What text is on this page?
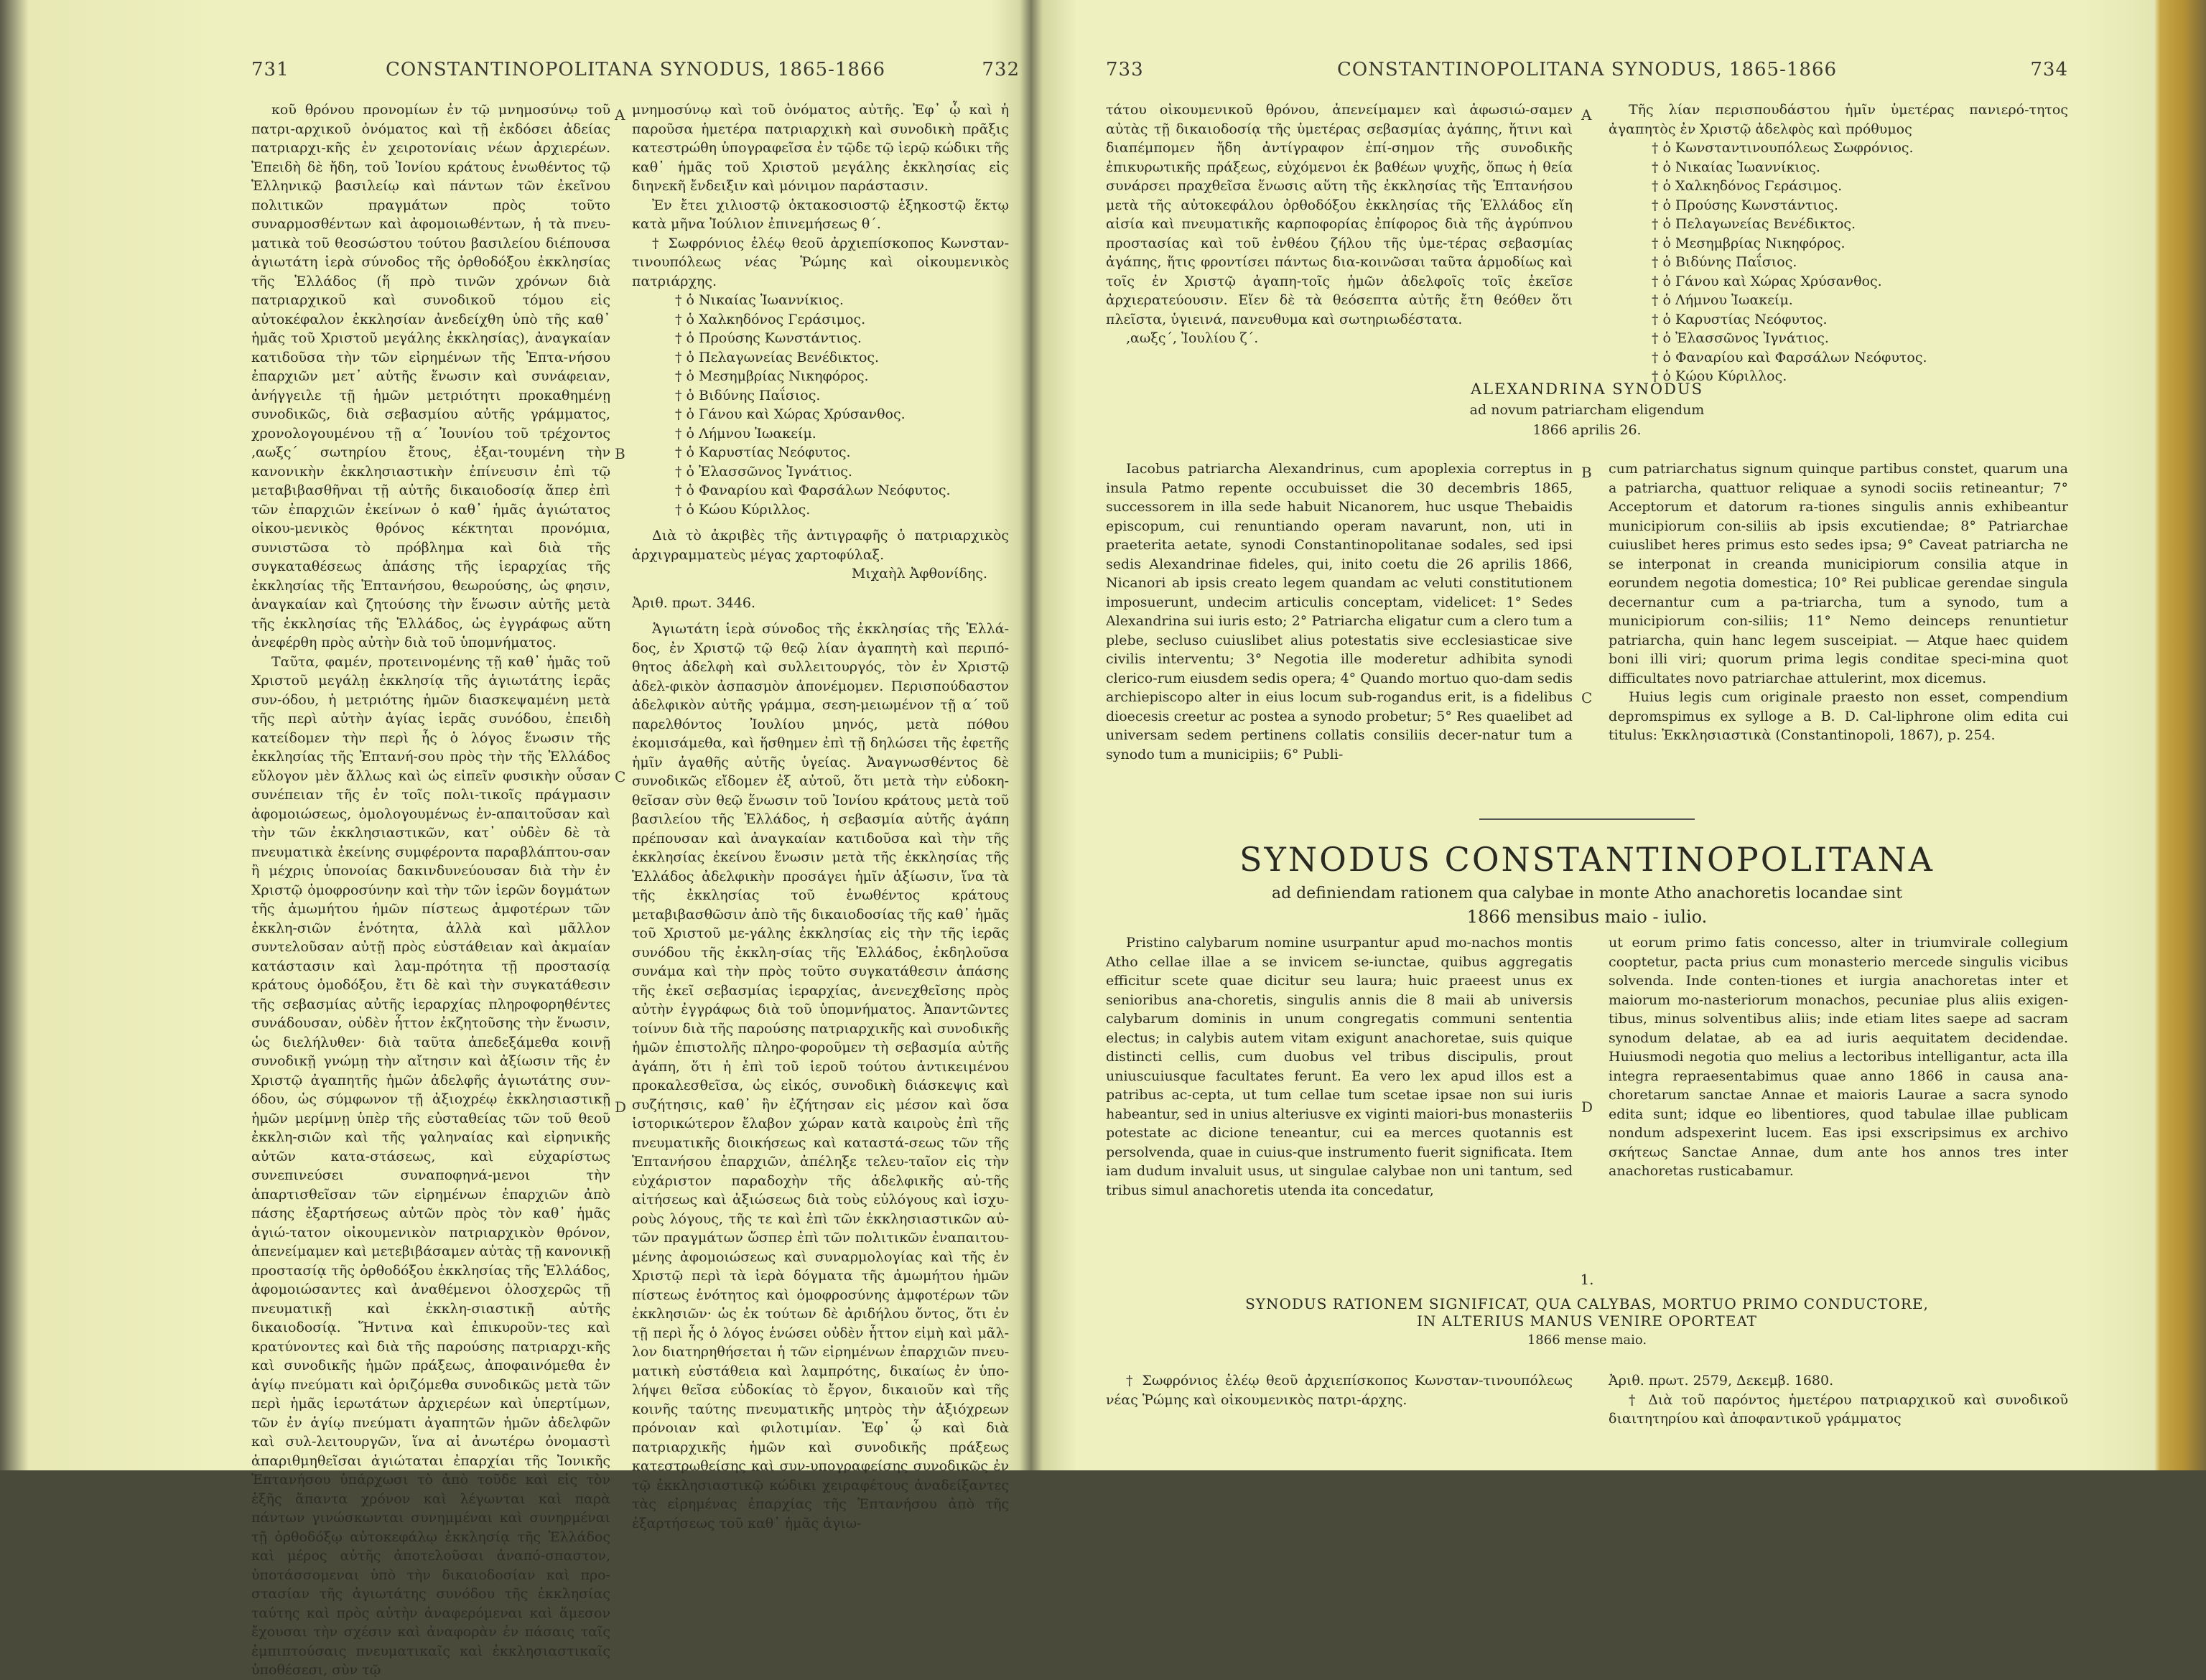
731	CONSTANTINOPOLITANA SYNODUS, 1865-1866	732

κοῦ θρόνου προνομίων ἐν τῷ μνημοσύνῳ τοῦ πατρι-αρχικοῦ ὀνόματος καὶ τῇ ἐκδόσει ἀδείας πατριαρχι-κῆς ἐν χειροτονίαις νέων ἀρχιερέων. Ἐπειδὴ δὲ ἤδη, τοῦ Ἰονίου κράτους ἑνωθέντος τῷ Ἑλληνικῷ βασιλείῳ καὶ πάντων τῶν ἐκεῖνου πολιτικῶν πραγμάτων πρὸς τοῦτο συναρμοσθέντων καὶ ἀφομοιωθέντων, ἡ τὰ πνευ-ματικὰ τοῦ θεοσώστου τούτου βασιλείου διέπουσα ἁγιωτάτη ἱερὰ σύνοδος τῆς ὀρθοδόξου ἐκκλησίας τῆς Ἑλλάδος (ἥ πρὸ τινῶν χρόνων διὰ πατριαρχικοῦ καὶ συνοδικοῦ τόμου εἰς αὐτοκέφαλον ἐκκλησίαν ἀνεδείχθη ὑπὸ τῆς καθ᾽ ἡμᾶς τοῦ Χριστοῦ μεγάλης ἐκκλησίας), ἀναγκαίαν κατιδοῦσα τὴν τῶν εἰρημένων τῆς Ἑπτα-νήσου ἐπαρχιῶν μετ᾽ αὐτῆς ἕνωσιν καὶ συνάφειαν, ἀνήγγειλε τῇ ἡμῶν μετριότητι προκαθημένῃ συνοδικῶς, διὰ σεβασμίου αὐτῆς γράμματος, χρονολογουμένου τῇ α΄ Ἰουνίου τοῦ τρέχοντος ‚αωξς΄ σωτηρίου ἔτους, ἐξαι-τουμένη τὴν κανονικὴν ἐκκλησιαστικὴν ἐπίνευσιν ἐπὶ τῷ μεταβιβασθῆναι τῇ αὐτῆς δικαιοδοσίᾳ ἅπερ ἐπὶ τῶν ἐπαρχιῶν ἐκείνων ὁ καθ᾽ ἡμᾶς ἁγιώτατος οἰκου-μενικὸς θρόνος κέκτηται προνόμια, συνιστῶσα τὸ πρόβλημα καὶ διὰ τῆς συγκαταθέσεως ἁπάσης τῆς ἱεραρχίας τῆς ἐκκλησίας τῆς Ἑπτανήσου, θεωρούσης, ὡς φησιν, ἀναγκαίαν καὶ ζητούσης τὴν ἕνωσιν αὐτῆς μετὰ τῆς ἐκκλησίας τῆς Ἑλλάδος, ὡς ἐγγράφως αὕτη ἀνεφέρθη πρὸς αὐτὴν διὰ τοῦ ὑπομνήματος.

Ταῦτα, φαμέν, προτεινομένης τῇ καθ᾽ ἡμᾶς τοῦ Χριστοῦ μεγάλῃ ἐκκλησίᾳ τῆς ἁγιωτάτης ἱερᾶς συν-όδου, ἡ μετριότης ἡμῶν διασκεψαμένη μετὰ τῆς περὶ αὐτὴν ἁγίας ἱερᾶς συνόδου, ἐπειδὴ κατείδομεν τὴν περὶ ἧς ὁ λόγος ἕνωσιν τῆς ἐκκλησίας τῆς Ἑπτανή-σου πρὸς τὴν τῆς Ἑλλάδος εὔλογον μὲν ἄλλως καὶ ὡς εἰπεῖν φυσικὴν οὖσαν συνέπειαν τῆς ἐν τοῖς πολι-τικοῖς πράγμασιν ἀφομοιώσεως, ὁμολογουμένως ἐν-απαιτοῦσαν καὶ τὴν τῶν ἐκκλησιαστικῶν, κατ᾽ οὐδὲν δὲ τὰ πνευματικὰ ἐκείνης συμφέροντα παραβλάπτου-σαν ἢ μέχρις ὑπονοίας δακινδυνεύουσαν διὰ τὴν ἐν Χριστῷ ὁμοφροσύνην καὶ τὴν τῶν ἱερῶν δογμάτων τῆς ἀμωμήτου ἡμῶν πίστεως ἀμφοτέρων τῶν ἐκκλη-σιῶν ἑνότητα, ἀλλὰ καὶ μᾶλλον συντελοῦσαν αὐτῇ πρὸς εὐστάθειαν καὶ ἀκμαίαν κατάστασιν καὶ λαμ-πρότητα τῇ προστασίᾳ κράτους ὁμοδόξου, ἔτι δὲ καὶ τὴν συγκατάθεσιν τῆς σεβασμίας αὐτῆς ἱεραρχίας πληροφορηθέντες συνάδουσαν, οὐδὲν ἧττον ἐκζητοῦσης τὴν ἕνωσιν, ὡς διελήλυθεν· διὰ ταῦτα ἀπεδεξάμεθα κοινῇ συνοδικῇ γνώμῃ τὴν αἴτησιν καὶ ἀξίωσιν τῆς ἐν Χριστῷ ἀγαπητῆς ἡμῶν ἀδελφῆς ἁγιωτάτης συν-όδου, ὡς σύμφωνον τῇ ἀξιοχρέῳ ἐκκλησιαστικῇ ἡμῶν μερίμνῃ ὑπὲρ τῆς εὐσταθείας τῶν τοῦ θεοῦ ἐκκλη-σιῶν καὶ τῆς γαληναίας καὶ εἰρηνικῆς αὐτῶν κατα-στάσεως, καὶ εὐχαρίστως συνεπινεύσει συναποφηνά-μενοι τὴν ἀπαρτισθεῖσαν τῶν εἰρημένων ἐπαρχιῶν ἀπὸ πάσης ἐξαρτήσεως αὐτῶν πρὸς τὸν καθ᾽ ἡμᾶς ἁγιώ-τατον οἰκουμενικὸν πατριαρχικὸν θρόνον, ἀπενείμαμεν καὶ μετεβιβάσαμεν αὐτὰς τῇ κανονικῇ προστασίᾳ τῆς ὀρθοδόξου ἐκκλησίας τῆς Ἑλλάδος, ἀφομοιώσαντες καὶ ἀναθέμενοι ὁλοσχερῶς τῇ πνευματικῇ καὶ ἐκκλη-σιαστικῇ αὐτῆς δικαιοδοσίᾳ. Ἥντινα καὶ ἐπικυροῦν-τες καὶ κρατύνοντες καὶ διὰ τῆς παρούσης πατριαρχι-κῆς καὶ συνοδικῆς ἡμῶν πράξεως, ἀποφαινόμεθα ἐν ἁγίῳ πνεύματι καὶ ὁριζόμεθα συνοδικῶς μετὰ τῶν περὶ ἡμᾶς ἱερωτάτων ἀρχιερέων καὶ ὑπερτίμων, τῶν ἐν ἁγίῳ πνεύματι ἀγαπητῶν ἡμῶν ἀδελφῶν καὶ συλ-λειτουργῶν, ἵνα αἱ ἀνωτέρω ὀνομαστὶ ἀπαριθμηθεῖσαι ἁγιώταται ἐπαρχίαι τῆς Ἰονικῆς Ἑπτανήσου ὑπάρχωσι τὸ ἀπὸ τοῦδε καὶ εἰς τὸν ἑξῆς ἅπαντα χρόνον καὶ λέγωνται καὶ παρὰ πάντων γινώσκωνται συνημμέναι καὶ συνηρμέναι τῇ ὀρθοδόξῳ αὐτοκεφάλῳ ἐκκλησίᾳ τῆς Ἑλλάδος καὶ μέρος αὐτῆς ἀποτελοῦσαι ἀναπό-σπαστον, ὑποτάσσομεναι ὑπὸ τὴν δικαιοδοσίαν καὶ προ-στασίαν τῆς ἁγιωτάτης συνόδου τῆς ἐκκλησίας ταύτης καὶ πρὸς αὐτὴν ἀναφερόμεναι καὶ ἅμεσον ἔχουσαι τὴν σχέσιν καὶ ἀναφορὰν ἐν πάσαις ταῖς ἐμπιπτούσαις πνευματικαῖς καὶ ἐκκλησιαστικαῖς ὑποθέσεσι, σὺν τῷ

A
B
C
D

μνημοσύνῳ καὶ τοῦ ὀνόματος αὐτῆς. Ἐφ᾽ ᾧ καὶ ἡ παροῦσα ἡμετέρα πατριαρχικὴ καὶ συνοδικὴ πρᾶξις κατεστρώθη ὑπογραφεῖσα ἐν τῷδε τῷ ἱερῷ κώδικι τῆς καθ᾽ ἡμᾶς τοῦ Χριστοῦ μεγάλης ἐκκλησίας εἰς διηνεκῆ ἔνδειξιν καὶ μόνιμον παράστασιν.

Ἐν ἔτει χιλιοστῷ ὀκτακοσιοστῷ ἑξηκοστῷ ἕκτῳ κατὰ μῆνα Ἰούλιον ἐπινεμήσεως θ΄.

† Σωφρόνιος ἐλέῳ θεοῦ ἀρχιεπίσκοπος Κωνσταν-τινουπόλεως νέας Ῥώμης καὶ οἰκουμενικὸς πατριάρχης.

† ὁ Νικαίας Ἰωαννίκιος.

† ὁ Χαλκηδόνος Γεράσιμος.

† ὁ Προύσης Κωνστάντιος.

† ὁ Πελαγωνείας Βενέδικτος.

† ὁ Μεσημβρίας Νικηφόρος.

† ὁ Βιδύνης Παΐσιος.

† ὁ Γάνου καὶ Χώρας Χρύσανθος.

† ὁ Λήμνου Ἰωακείμ.

† ὁ Καρυστίας Νεόφυτος.

† ὁ Ἐλασσῶνος Ἰγνάτιος.

† ὁ Φαναρίου καὶ Φαρσάλων Νεόφυτος.

† ὁ Κώου Κύριλλος.

Διὰ τὸ ἀκριβὲς τῆς ἀντιγραφῆς ὁ πατριαρχικὸς ἀρχιγραμματεὺς μέγας χαρτοφύλαξ.

Μιχαὴλ Ἀφθονίδης.

Ἀριθ. πρωτ. 3446.

Ἁγιωτάτη ἱερὰ σύνοδος τῆς ἐκκλησίας τῆς Ἑλλά-δος, ἐν Χριστῷ τῷ θεῷ λίαν ἀγαπητὴ καὶ περιπό-θητος ἀδελφὴ καὶ συλλειτουργός, τὸν ἐν Χριστῷ ἀδελ-φικὸν ἀσπασμὸν ἀπονέμομεν. Περισπούδαστον ἀδελφικὸν αὐτῆς γράμμα, σεση-μειωμένον τῇ α΄ τοῦ παρελθόντος Ἰουλίου μηνός, μετὰ πόθου ἐκομισάμεθα, καὶ ἥσθημεν ἐπὶ τῇ δηλώσει τῆς ἐφετῆς ἡμῖν ἀγαθῆς αὐτῆς ὑγείας. Ἀναγνωσθέντος δὲ συνοδικῶς εἴδομεν ἐξ αὐτοῦ, ὅτι μετὰ τὴν εὐδοκη-θεῖσαν σὺν θεῷ ἕνωσιν τοῦ Ἰονίου κράτους μετὰ τοῦ βασιλείου τῆς Ἑλλάδος, ἡ σεβασμία αὐτῆς ἀγάπη πρέπουσαν καὶ ἀναγκαίαν κατιδοῦσα καὶ τὴν τῆς ἐκκλησίας ἐκείνου ἕνωσιν μετὰ τῆς ἐκκλησίας τῆς Ἑλλάδος ἀδελφικὴν προσάγει ἡμῖν ἀξίωσιν, ἵνα τὰ τῆς ἐκκλησίας τοῦ ἑνωθέντος κράτους μεταβιβασθῶσιν ἀπὸ τῆς δικαιοδοσίας τῆς καθ᾽ ἡμᾶς τοῦ Χριστοῦ με-γάλης ἐκκλησίας εἰς τὴν τῆς ἱερᾶς συνόδου τῆς ἐκκλη-σίας τῆς Ἑλλάδος, ἐκδηλοῦσα συνάμα καὶ τὴν πρὸς τοῦτο συγκατάθεσιν ἁπάσης τῆς ἐκεῖ σεβασμίας ἱεραρχίας, ἀνενεχθεῖσης πρὸς αὐτὴν ἐγγράφως διὰ τοῦ ὑπομνήματος. Ἀπαντῶντες τοίνυν διὰ τῆς παρούσης πατριαρχικῆς καὶ συνοδικῆς ἡμῶν ἐπιστολῆς πληρο-φοροῦμεν τὴ σεβασμία αὐτῆς ἀγάπη, ὅτι ἡ ἐπὶ τοῦ ἱεροῦ τούτου ἀντικειμένου προκαλεσθεῖσα, ὡς εἰκός, συνοδικὴ διάσκεψις καὶ συζήτησις, καθ᾽ ἣν ἐζήτησαν εἰς μέσον καὶ ὅσα ἱστορικώτερον ἔλαβον χώραν κατὰ καιροὺς ἐπὶ τῆς πνευματικῆς διοικήσεως καὶ καταστά-σεως τῶν τῆς Ἑπτανήσου ἐπαρχιῶν, ἀπέληξε τελευ-ταῖον εἰς τὴν εὐχάριστον παραδοχὴν τῆς ἀδελφικῆς αὐ-τῆς αἰτήσεως καὶ ἀξιώσεως διὰ τοὺς εὐλόγους καὶ ἰσχυ-ροὺς λόγους, τῆς τε καὶ ἐπὶ τῶν ἐκκλησιαστικῶν αὐ-τῶν πραγμάτων ὥσπερ ἐπὶ τῶν πολιτικῶν ἐναπαιτου-μένης ἀφομοιώσεως καὶ συναρμολογίας καὶ τῆς ἐν Χριστῷ περὶ τὰ ἱερὰ δόγματα τῆς ἀμωμήτου ἡμῶν πίστεως ἑνότητος καὶ ὁμοφροσύνης ἀμφοτέρων τῶν ἐκκλησιῶν· ὡς ἐκ τούτων δὲ ἀριδήλου ὄντος, ὅτι ἐν τῇ περὶ ἧς ὁ λόγος ἑνώσει οὐδὲν ἧττον εἰμὴ καὶ μᾶλ-λον διατηρηθήσεται ἡ τῶν εἰρημένων ἐπαρχιῶν πνευ-ματικὴ εὐστάθεια καὶ λαμπρότης, δικαίως ἐν ὑπο-λήψει θεῖσα εὐδοκίας τὸ ἔργον, δικαιοῦν καὶ τῆς κοινῆς ταύτης πνευματικῆς μητρὸς τὴν ἀξιόχρεων πρόνοιαν καὶ φιλοτιμίαν. Ἐφ᾽ ᾧ καὶ διὰ πατριαρχικῆς ἡμῶν καὶ συνοδικῆς πράξεως κατεστρωθείσης καὶ συν-υπογραφείσης συνοδικῶς ἐν τῷ ἐκκλησιαστικῷ κώδικι χειραφέτους ἀναδείξαντες τὰς εἰρημένας ἐπαρχίας τῆς Ἑπτανήσου ἀπὸ τῆς ἐξαρτήσεως τοῦ καθ᾽ ἡμᾶς ἁγιω-

733	CONSTANTINOPOLITANA SYNODUS, 1865-1866	734

τάτου οἰκουμενικοῦ θρόνου, ἀπενείμαμεν καὶ ἀφωσιώ-σαμεν αὐτὰς τῇ δικαιοδοσίᾳ τῆς ὑμετέρας σεβασμίας ἀγάπης, ἥτινι καὶ διαπέμπομεν ἤδη ἀντίγραφον ἐπί-σημον τῆς συνοδικῆς ἐπικυρωτικῆς πράξεως, εὐχόμενοι ἐκ βαθέων ψυχῆς, ὅπως ἡ θεία συνάρσει πραχθεῖσα ἕνωσις αὕτη τῆς ἐκκλησίας τῆς Ἑπτανήσου μετὰ τῆς αὐτοκεφάλου ὀρθοδόξου ἐκκλησίας τῆς Ἑλλάδος εἴη αἰσία καὶ πνευματικῆς καρποφορίας ἐπίφορος διὰ τῆς ἀγρύπνου προστασίας καὶ τοῦ ἐνθέου ζήλου τῆς ὑμε-τέρας σεβασμίας ἀγάπης, ἥτις φροντίσει πάντως δια-κοινῶσαι ταῦτα ἁρμοδίως καὶ τοῖς ἐν Χριστῷ ἀγαπη-τοῖς ἡμῶν ἀδελφοῖς τοῖς ἐκεῖσε ἀρχιερατεύουσιν. Εἴεν δὲ τὰ θεόσεπτα αὐτῆς ἔτη θεόθεν ὅτι πλεῖστα, ὑγιεινά, πανευθυμα καὶ σωτηριωδέστατα.

‚αωξς΄, Ἰουλίου ζ΄.

A	Τῆς λίαν περισπουδάστου ἡμῖν ὑμετέρας πανιερό-τητος ἀγαπητὸς ἐν Χριστῷ ἀδελφὸς καὶ πρόθυμος

† ὁ Κωνσταντινουπόλεως Σωφρόνιος.

† ὁ Νικαίας Ἰωαννίκιος.

† ὁ Χαλκηδόνος Γεράσιμος.

† ὁ Προύσης Κωνστάντιος.

† ὁ Πελαγωνείας Βενέδικτος.

† ὁ Μεσημβρίας Νικηφόρος.

† ὁ Βιδύνης Παΐσιος.

† ὁ Γάνου καὶ Χώρας Χρύσανθος.

† ὁ Λήμνου Ἰωακείμ.

† ὁ Καρυστίας Νεόφυτος.

† ὁ Ἐλασσῶνος Ἰγνάτιος.

† ὁ Φαναρίου καὶ Φαρσάλων Νεόφυτος.

† ὁ Κώου Κύριλλος.

ALEXANDRINA SYNODUS
ad novum patriarcham eligendum
1866 aprilis 26.

Iacobus patriarcha Alexandrinus, cum apoplexia correptus in insula Patmo repente occubuisset die 30 decembris 1865, successorem in illa sede habuit Nicanorem, huc usque Thebaidis episcopum, cui renuntiando operam navarunt, non, uti in praeteritа aetate, synodi Constantinopolitanae sodales, sed ipsi sedis Alexandrinae fideles, qui, inito coetu die 26 aprilis 1866, Nicanori ab ipsis creato legem quandam ac veluti constitutionem imposuerunt, undecim articulis conceptam, videlicet: 1° Sedes Alexandrina sui iuris esto; 2° Patriarcha eligatur cum a clero tum a plebe, secluso cuiuslibet alius potestatis sive ecclesiasticae sive civilis interventu; 3° Negotia ille moderetur adhibita synodi clerico-rum eiusdem sedis opera; 4° Quando mortuo quo-dam sedis archiepiscopo alter in eius locum sub-rogandus erit, is a fidelibus dioecesis creetur ac postea a synodo probetur; 5° Res quaelibet ad universam sedem pertinens collatis consiliis decer-natur tum a synodo tum a municipiis; 6° Publi-

B cum patriarchatus signum quinque partibus constet, quarum una a patriarcha, quattuor reliquae a synodi sociis retineantur; 7° Acceptorum et datorum ra-tiones singulis annis exhibeantur municipiorum con-siliis ab ipsis excutiendae; 8° Patriarchae cuiuslibet heres primus esto sedes ipsa; 9° Caveat patriarcha ne se interponat in creanda municipiorum consilia atque in eorundem negotia domestica; 10° Rei publicae gerendae singula decernantur cum a pa-triarcha, tum a synodo, tum a municipiorum con-siliis; 11° Nemo deinceps renuntietur patriarcha, quin hanc legem susceipiat. — Atque haec quidem boni illi viri; quorum prima legis conditae speci-mina quot difficultates novo patriarchae attulerint, mox dicemus.

Huius legis cum originale praesto non esset, compendium depromspimus ex sylloge a B. D. Cal-liphrone olim edita cui titulus: Ἐκκλησιαστικὰ (Constantinopoli, 1867), p. 254.

C
SYNODUS CONSTANTINOPOLITANA
ad definiendam rationem qua calybae in monte Atho anachoretis locandae sint
1866 mensibus maio - iulio.

Pristino calybarum nomine usurpantur apud mo-nachos montis Atho cellae illae a se invicem se-iunctae, quibus aggregatis efficitur scete quae dicitur seu laura; huic praeest unus ex senioribus ana-choretis, singulis annis die 8 maii ab universis calybarum dominis in unum congregatis communi sententia electus; in calybis autem vitam exigunt anachoretae, suis quique distincti cellis, cum duobus vel tribus discipulis, prout uniuscuiusque facultates ferunt. Ea vero lex apud illos est a patribus ac-cepta, ut tum cellae tum scetae ipsae non sui iuris habeantur, sed in unius alteriusve ex viginti maiori-bus monasteriis potestate ac dicione teneantur, cui ea merces quotannis est persolvenda, quae in cuius-que instrumento fuerit significata. Item iam dudum invaluit usus, ut singulae calybae non uni tantum, sed tribus simul anachoretis utenda ita concedatur,

D

ut eorum primo fatis concesso, alter in triumvirale collegium cooptetur, pacta prius cum monasterio mercede singulis vicibus solvenda. Inde conten-tiones et iurgia anachoretas inter et maiorum mo-nasteriorum monachos, pecuniae plus aliis exigen-tibus, minus solventibus aliis; inde etiam lites saepe ad sacram synodum delatae, ab ea ad iuris aequitatem decidendae. Huiusmodi negotia quo melius a lectoribus intelligantur, acta illa integra repraesentabimus quae anno 1866 in causa ana-choretarum sanctae Annae et maioris Laurae a sacra synodo edita sunt; idque eo libentiores, quod tabulae illae publicam nondum adspexerint lucem. Eas ipsi exscripsimus ex archivo σκήτεως Sanctae Annae, dum ante hos annos tres inter anachoretas rusticabamur.

1.
SYNODUS RATIONEM SIGNIFICAT, QUA CALYBAS, MORTUO PRIMO CONDUCTORE,
IN ALTERIUS MANUS VENIRE OPORTEAT
1866 mense maio.

† Σωφρόνιος ἐλέῳ θεοῦ ἀρχιεπίσκοπος Κωνσταν-τινουπόλεως νέας Ῥώμης καὶ οἰκουμενικὸς πατρι-άρχης.

Ἀριθ. πρωτ. 2579, Δεκεμβ. 1680.

† Διὰ τοῦ παρόντος ἡμετέρου πατριαρχικοῦ καὶ συνοδικοῦ διαιτητηρίου καὶ ἀποφαντικοῦ γράμματος
